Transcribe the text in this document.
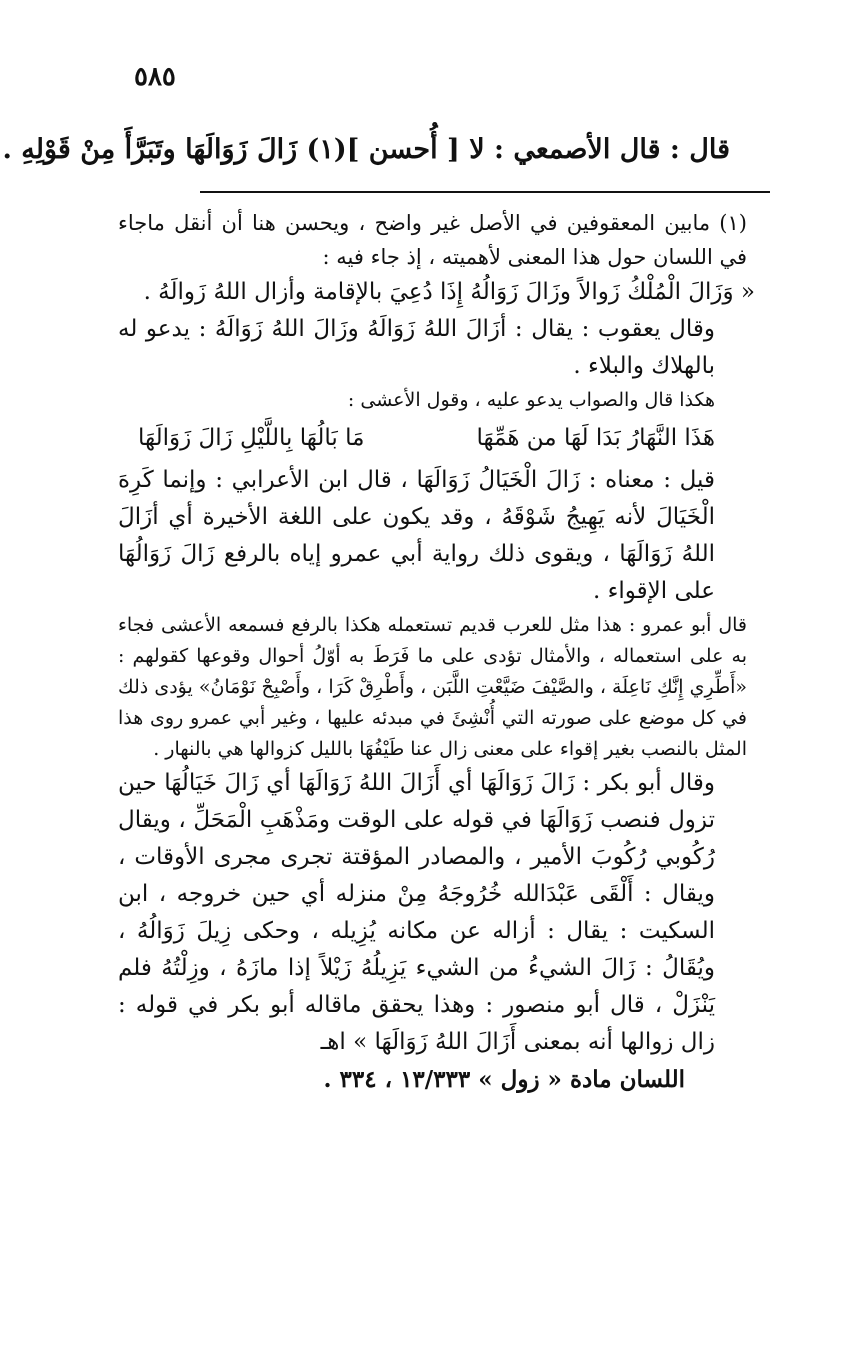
٥٨٥
قال : قال الأصمعي : لا [ أُحسن ](١) زَالَ زَوَالَهَا وتَبَرَّأَ مِنْ قَوْلِهِ .

(١) مابين المعقوفين في الأصل غير واضح ، ويحسن هنا أن أنقل ماجاء في اللسان حول هذا المعنى لأهميته ، إذ جاء فيه :

« وَزَالَ الْمُلْكُ زَوالاً وزَالَ زَوَالُهُ إِذَا دُعِيَ بالإقامة وأزال اللهُ زَوالَهُ .

وقال يعقوب : يقال : أزَالَ اللهُ زَوَالَهُ وزَالَ اللهُ زَوَالَهُ : يدعو له بالهلاك والبلاء .

هكذا قال والصواب يدعو عليه ، وقول الأعشى :

هَذَا النَّهَارُ بَدَا لَهَا من هَمِّهَا
مَا بَالُهَا بِاللَّيْلِ زَالَ زَوَالَهَا

قيل : معناه : زَالَ الْخَيَالُ زَوَالَهَا ، قال ابن الأعرابي : وإنما كَرِهَ الْخَيَالَ لأنه يَهِيجُ شَوْقَهُ ، وقد يكون على اللغة الأخيرة أي أزَالَ اللهُ زَوَالَهَا ، ويقوى ذلك رواية أبي عمرو إياه بالرفع زَالَ زَوَالُهَا على الإقواء .

قال أبو عمرو : هذا مثل للعرب قديم تستعمله هكذا بالرفع فسمعه الأعشى فجاء به على استعماله ، والأمثال تؤدى على ما فَرَطَ به أوّلُ أحوال وقوعها كقولهم : «أَطِّرِي إِنَّكِ نَاعِلَة ، والصَّيْفَ ضَيَّعْتِ اللَّبَن ، وأَطْرِقْ كَرَا ، وأَصْبِحْ نَوْمَانُ» يؤدى ذلك في كل موضع على صورته التي أُنْشِئَ في مبدئه عليها ، وغير أبي عمرو روى هذا المثل بالنصب بغير إقواء على معنى زال عنا طَيْفُهَا بالليل كزوالها هي بالنهار .

وقال أبو بكر : زَالَ زَوَالَهَا أي أَزَالَ اللهُ زَوَالَهَا أي زَالَ خَيَالُهَا حين تزول فنصب زَوَالَهَا في قوله على الوقت ومَذْهَبِ الْمَحَلِّ ، ويقال رُكُوبي رُكُوبَ الأمير ، والمصادر المؤقتة تجرى مجرى الأوقات ، ويقال : أَلْقَى عَبْدَالله خُرُوجَهُ مِنْ منزله أي حين خروجه ، ابن السكيت : يقال : أزاله عن مكانه يُزِيله ، وحكى زِيلَ زَوَالُهُ ، ويُقَالُ : زَالَ الشيءُ من الشيء يَزِيلُهُ زَيْلاً إذا مازَهُ ، وزِلْتُهُ فلم يَنْزَلْ ، قال أبو منصور : وهذا يحقق ماقاله أبو بكر في قوله : زال زوالها أنه بمعنى أَزَالَ اللهُ زَوَالَهَا » اهـ

اللسان مادة « زول » ١٣/٣٣٣ ، ٣٣٤ .
